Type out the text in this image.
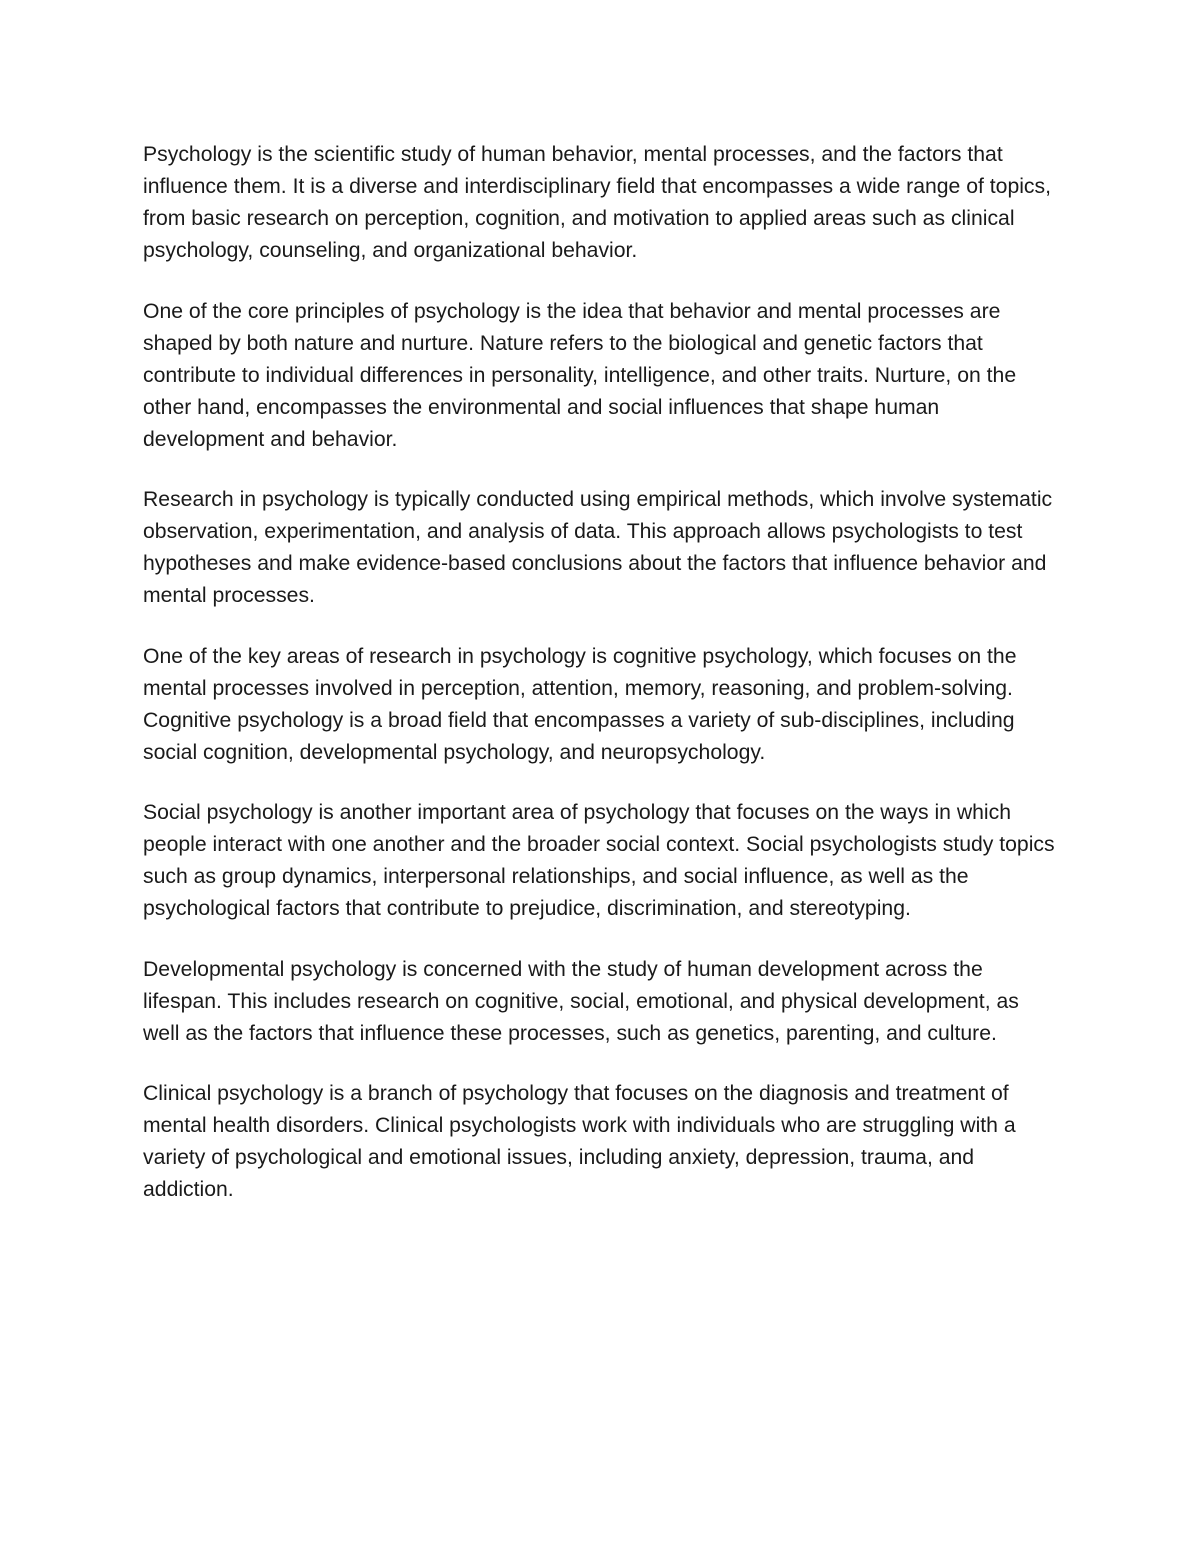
Psychology is the scientific study of human behavior, mental processes, and the factors that influence them. It is a diverse and interdisciplinary field that encompasses a wide range of topics, from basic research on perception, cognition, and motivation to applied areas such as clinical psychology, counseling, and organizational behavior.

One of the core principles of psychology is the idea that behavior and mental processes are shaped by both nature and nurture. Nature refers to the biological and genetic factors that contribute to individual differences in personality, intelligence, and other traits. Nurture, on the other hand, encompasses the environmental and social influences that shape human development and behavior.

Research in psychology is typically conducted using empirical methods, which involve systematic observation, experimentation, and analysis of data. This approach allows psychologists to test hypotheses and make evidence-based conclusions about the factors that influence behavior and mental processes.

One of the key areas of research in psychology is cognitive psychology, which focuses on the mental processes involved in perception, attention, memory, reasoning, and problem-solving. Cognitive psychology is a broad field that encompasses a variety of sub-disciplines, including social cognition, developmental psychology, and neuropsychology.

Social psychology is another important area of psychology that focuses on the ways in which people interact with one another and the broader social context. Social psychologists study topics such as group dynamics, interpersonal relationships, and social influence, as well as the psychological factors that contribute to prejudice, discrimination, and stereotyping.

Developmental psychology is concerned with the study of human development across the lifespan. This includes research on cognitive, social, emotional, and physical development, as well as the factors that influence these processes, such as genetics, parenting, and culture.

Clinical psychology is a branch of psychology that focuses on the diagnosis and treatment of mental health disorders. Clinical psychologists work with individuals who are struggling with a variety of psychological and emotional issues, including anxiety, depression, trauma, and addiction.
